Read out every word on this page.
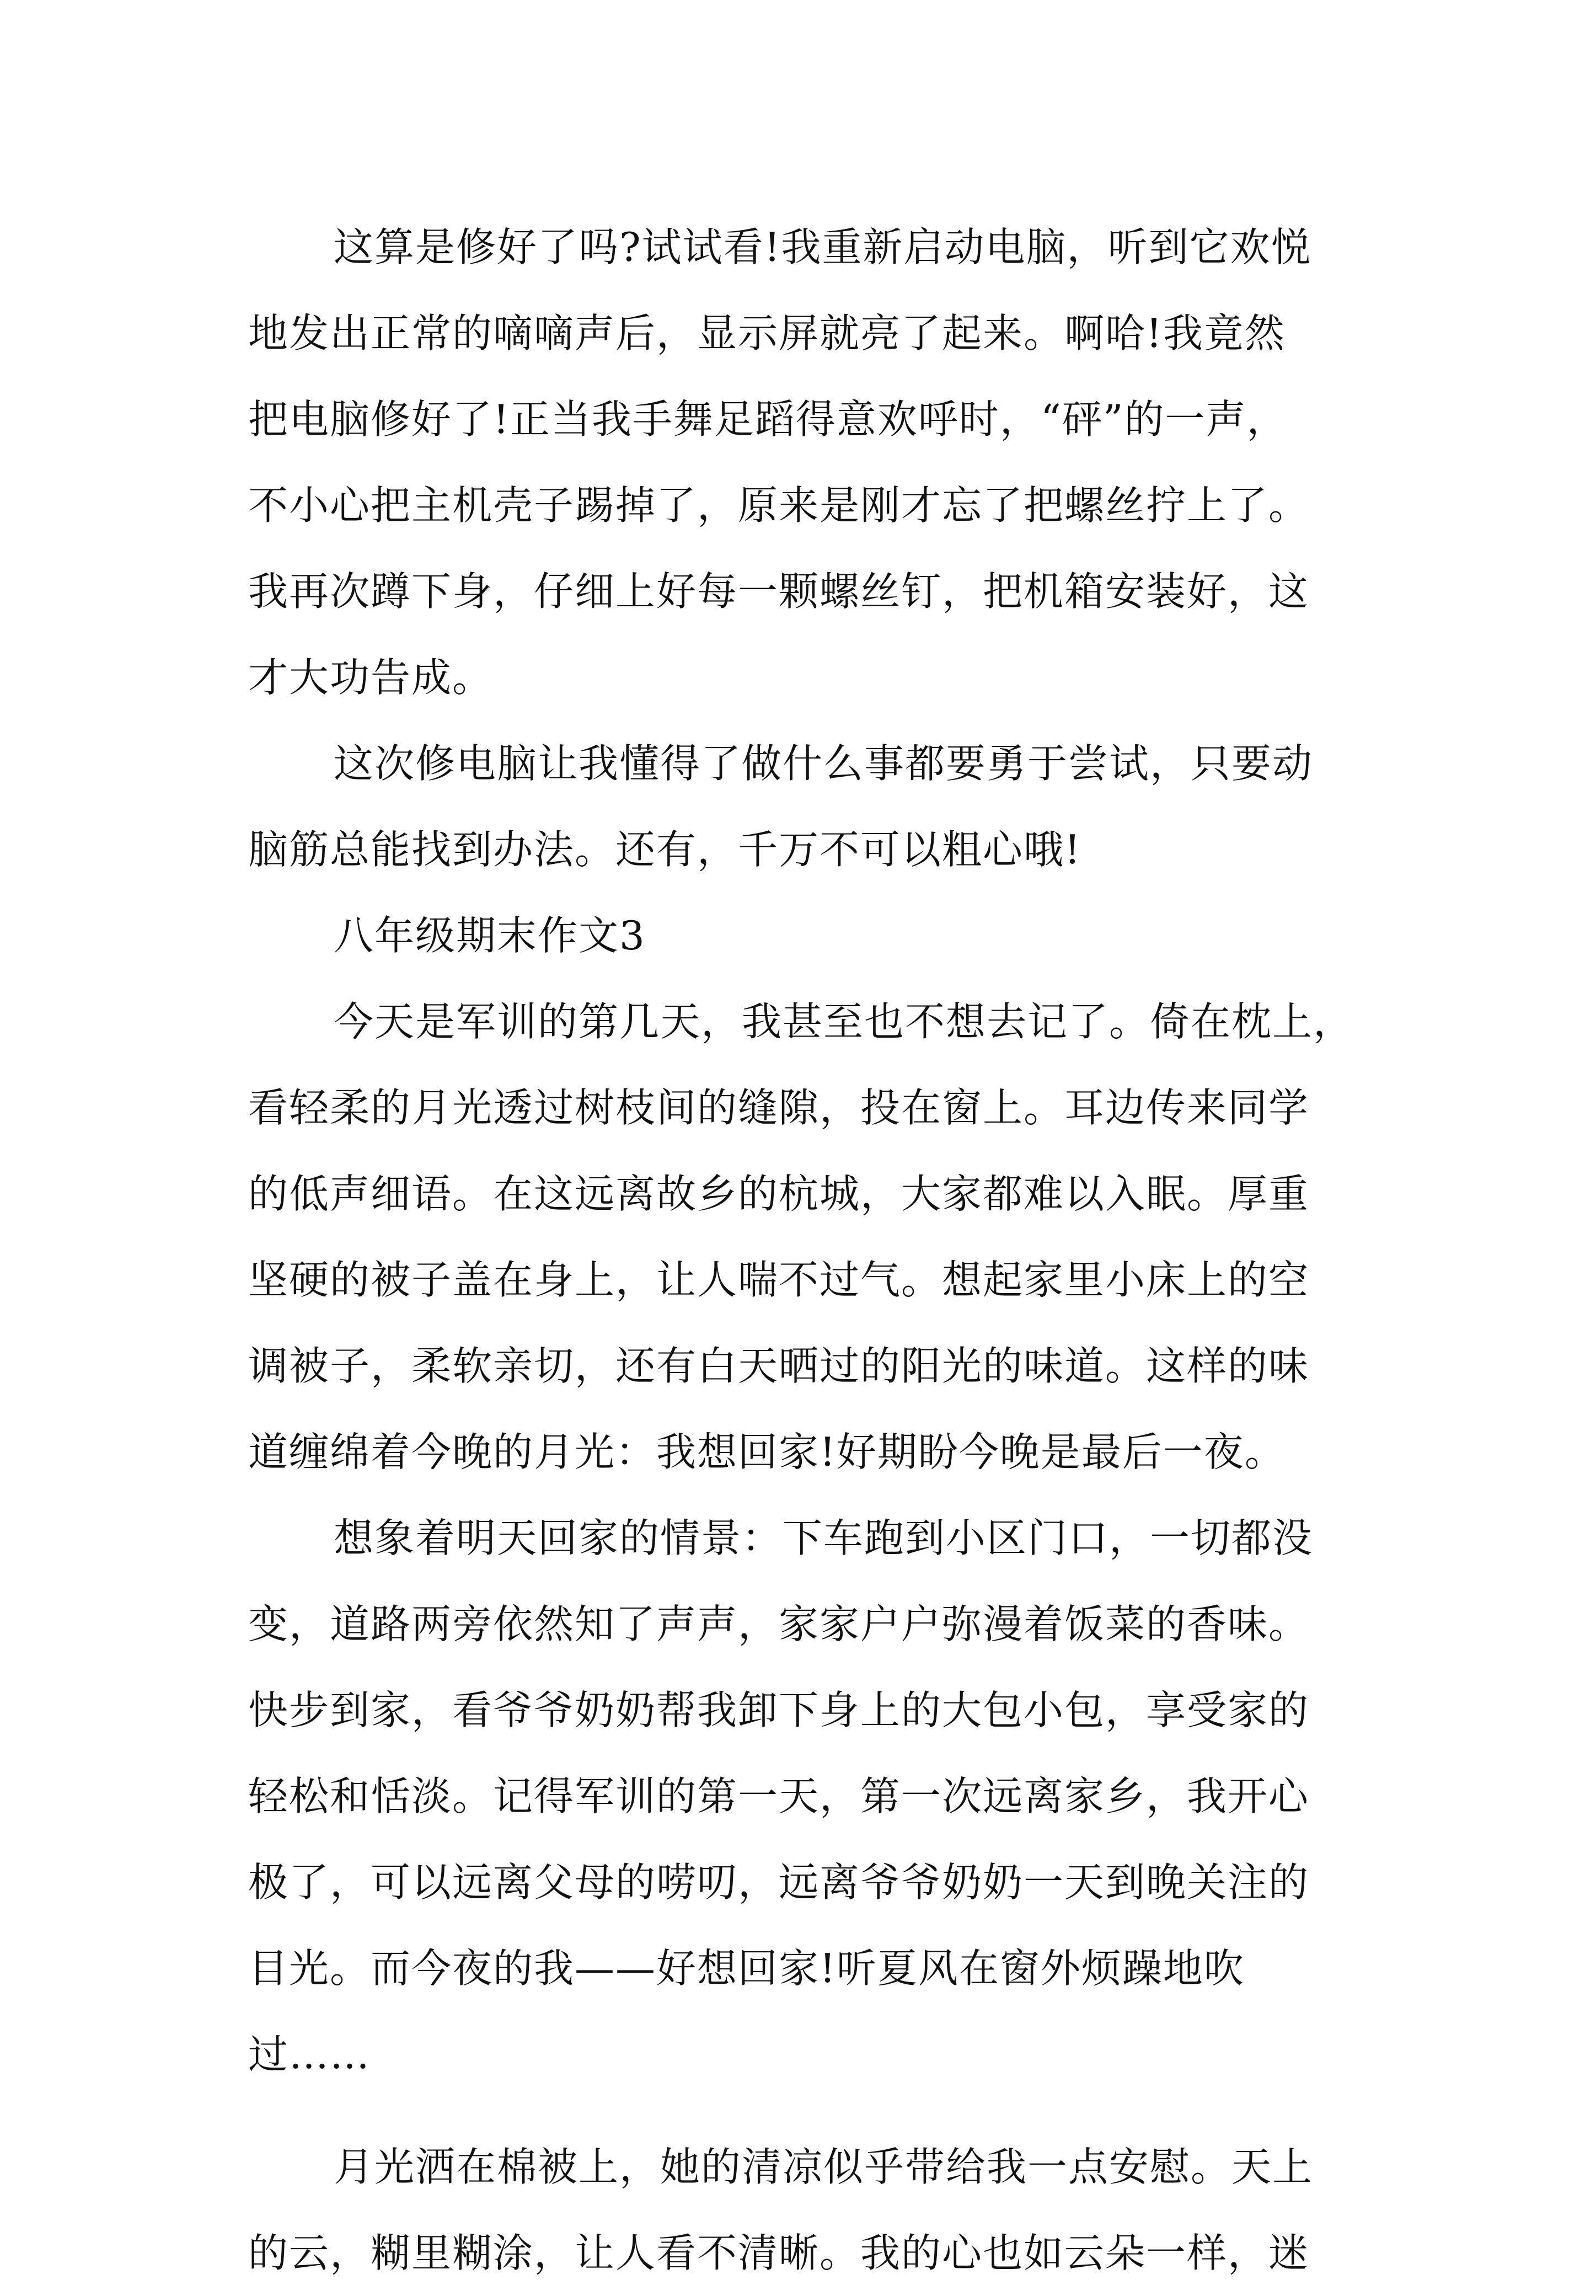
这算是修好了吗?试试看!我重新启动电脑，听到它欢悦
地发出正常的嘀嘀声后，显示屏就亮了起来。啊哈!我竟然
把电脑修好了!正当我手舞足蹈得意欢呼时，“砰”的一声，
不小心把主机壳子踢掉了，原来是刚才忘了把螺丝拧上了。
我再次蹲下身，仔细上好每一颗螺丝钉，把机箱安装好，这
才大功告成。
这次修电脑让我懂得了做什么事都要勇于尝试，只要动
脑筋总能找到办法。还有，千万不可以粗心哦!
八年级期末作文3
今天是军训的第几天，我甚至也不想去记了。倚在枕上，
看轻柔的月光透过树枝间的缝隙，投在窗上。耳边传来同学
的低声细语。在这远离故乡的杭城，大家都难以入眠。厚重
坚硬的被子盖在身上，让人喘不过气。想起家里小床上的空
调被子，柔软亲切，还有白天晒过的阳光的味道。这样的味
道缠绵着今晚的月光：我想回家!好期盼今晚是最后一夜。
想象着明天回家的情景：下车跑到小区门口，一切都没
变，道路两旁依然知了声声，家家户户弥漫着饭菜的香味。
快步到家，看爷爷奶奶帮我卸下身上的大包小包，享受家的
轻松和恬淡。记得军训的第一天，第一次远离家乡，我开心
极了，可以远离父母的唠叨，远离爷爷奶奶一天到晚关注的
目光。而今夜的我——好想回家!听夏风在窗外烦躁地吹
过……
月光洒在棉被上，她的清凉似乎带给我一点安慰。天上
的云，糊里糊涂，让人看不清晰。我的心也如云朵一样，迷
